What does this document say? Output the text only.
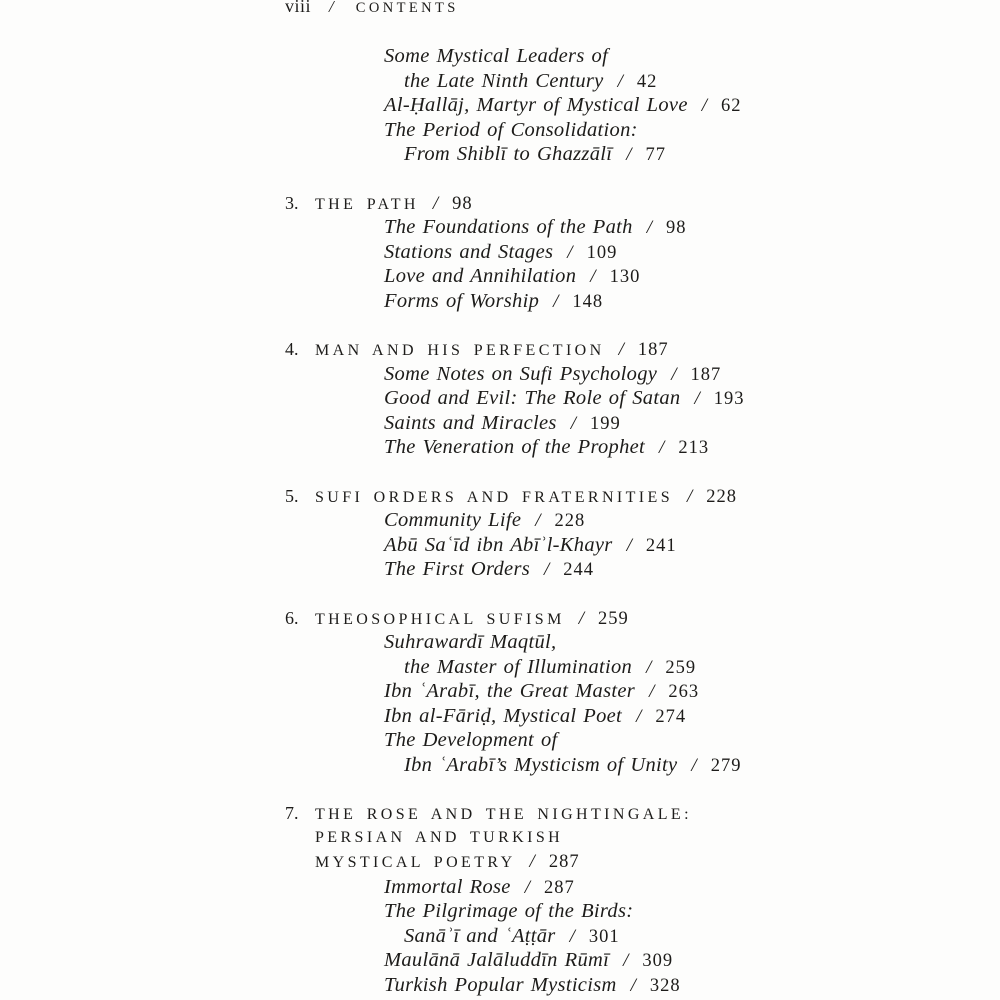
viii / CONTENTS
Some Mystical Leaders of
the Late Ninth Century / 42
Al-Ḥallāj, Martyr of Mystical Love / 62
The Period of Consolidation:
From Shiblī to Ghazzālī / 77
3. THE PATH / 98
The Foundations of the Path / 98
Stations and Stages / 109
Love and Annihilation / 130
Forms of Worship / 148
4. MAN AND HIS PERFECTION / 187
Some Notes on Sufi Psychology / 187
Good and Evil: The Role of Satan / 193
Saints and Miracles / 199
The Veneration of the Prophet / 213
5. SUFI ORDERS AND FRATERNITIES / 228
Community Life / 228
Abū Saʿīd ibn Abīʾl-Khayr / 241
The First Orders / 244
6. THEOSOPHICAL SUFISM / 259
Suhrawardī Maqtūl,
the Master of Illumination / 259
Ibn ʿArabī, the Great Master / 263
Ibn al-Fāriḍ, Mystical Poet / 274
The Development of
Ibn ʿArabī’s Mysticism of Unity / 279
7. THE ROSE AND THE NIGHTINGALE:
PERSIAN AND TURKISH
MYSTICAL POETRY / 287
Immortal Rose / 287
The Pilgrimage of the Birds:
Sanāʾī and ʿAṭṭār / 301
Maulānā Jalāluddīn Rūmī / 309
Turkish Popular Mysticism / 328
